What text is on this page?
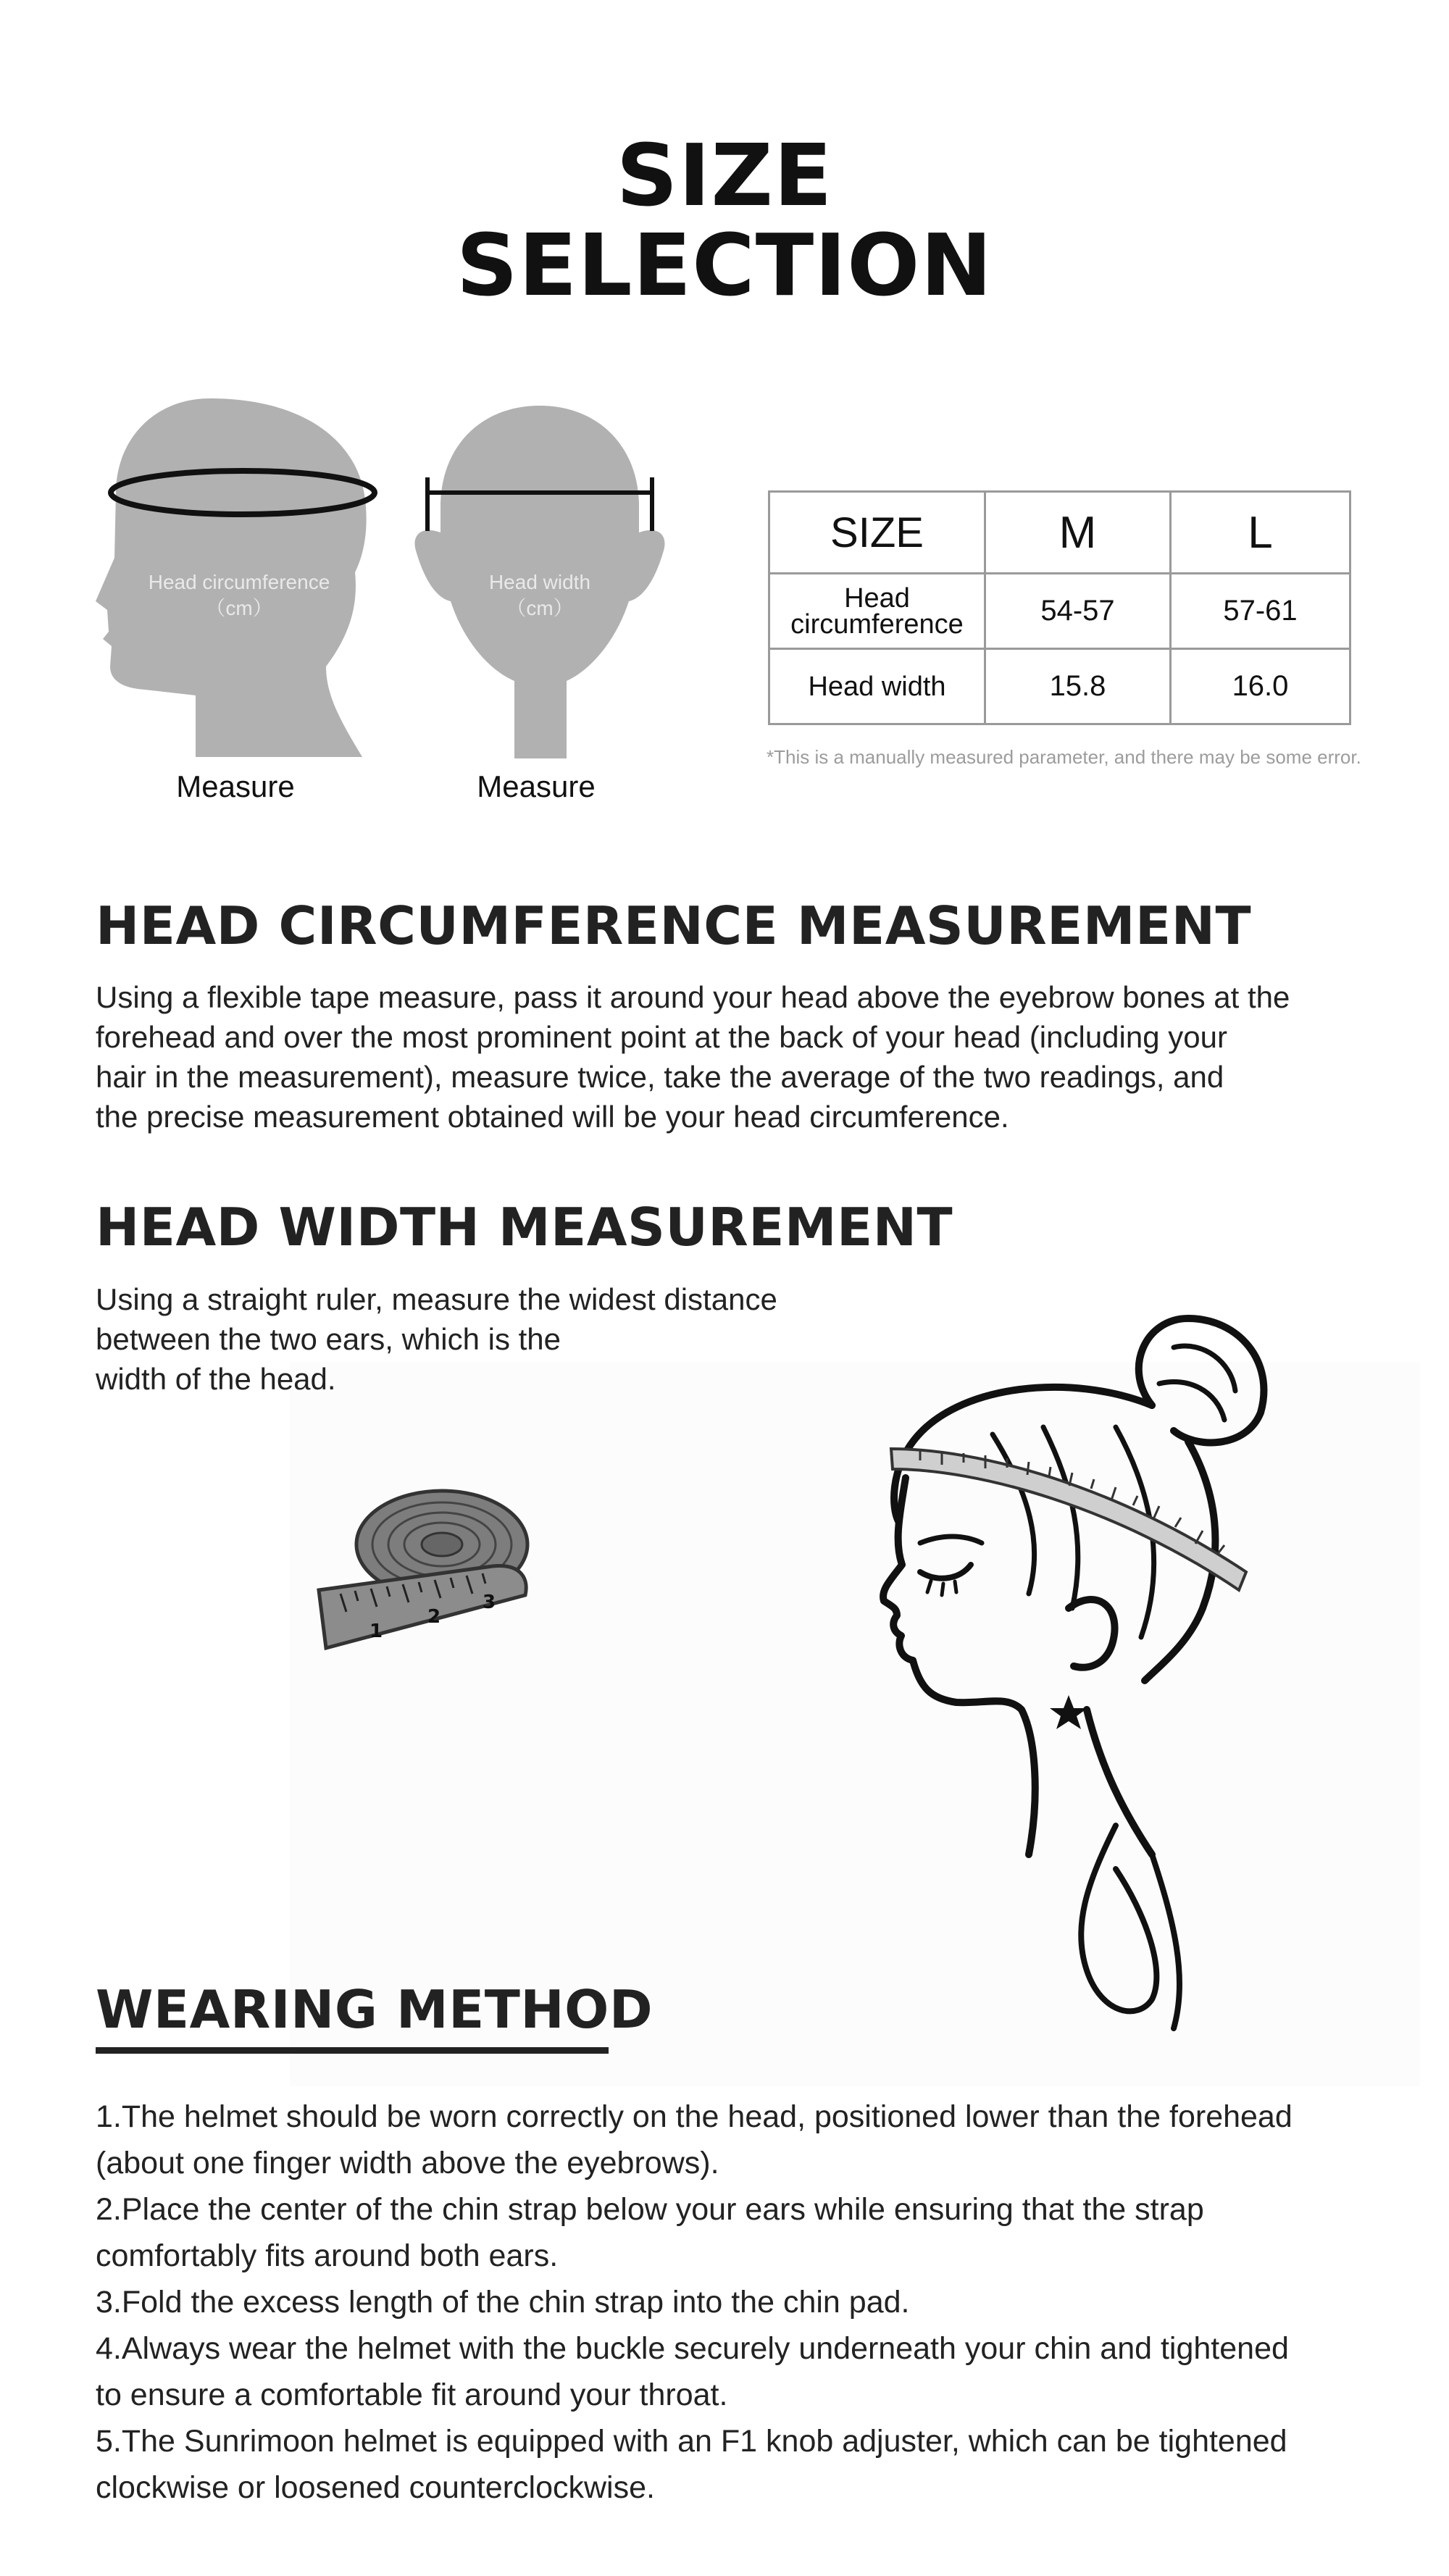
SIZE
SELECTION
Head circumference
（cm）
Measure
Head width
（cm）
Measure
SIZE	M	L

Head
circumference	54-57	57-61
Head width	15.8	16.0
*This is a manually measured parameter, and there may be some error.
HEAD CIRCUMFERENCE MEASUREMENT
Using a flexible tape measure, pass it around your head above the eyebrow bones at the
forehead and over the most prominent point at the back of your head (including your
hair in the measurement), measure twice, take the average of the two readings, and
the precise measurement obtained will be your head circumference.
HEAD WIDTH MEASUREMENT
Using a straight ruler, measure the widest distance
between the two ears, which is the
width of the head.
1
2
3
WEARING METHOD
1.The helmet should be worn correctly on the head, positioned lower than the forehead
(about one finger width above the eyebrows).
2.Place the center of the chin strap below your ears while ensuring that the strap
comfortably fits around both ears.
3.Fold the excess length of the chin strap into the chin pad.
4.Always wear the helmet with the buckle securely underneath your chin and tightened
to ensure a comfortable fit around your throat.
5.The Sunrimoon helmet is equipped with an F1 knob adjuster, which can be tightened
clockwise or loosened counterclockwise.
